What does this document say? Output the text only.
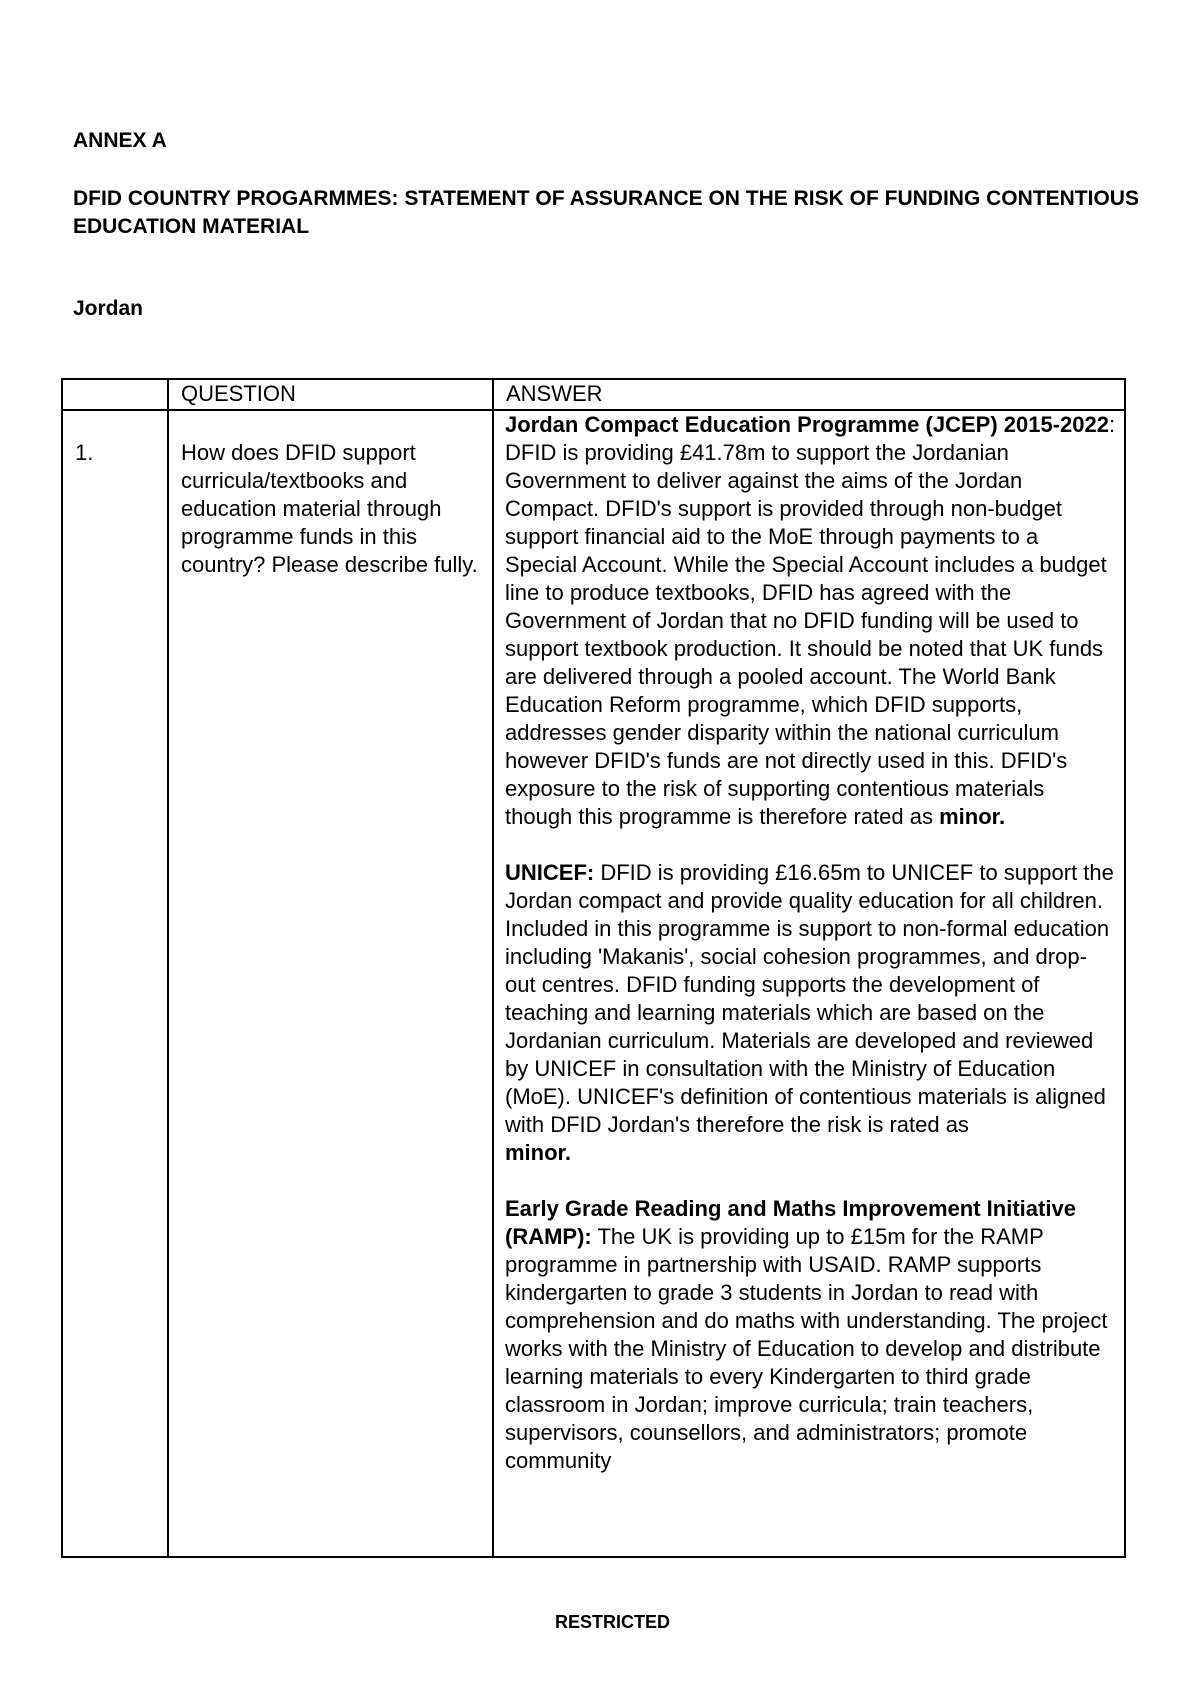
ANNEX A
DFID COUNTRY PROGARMMES: STATEMENT OF ASSURANCE ON THE RISK OF FUNDING CONTENTIOUS EDUCATION MATERIAL
Jordan
	QUESTION	ANSWER
1.	How does DFID support curricula/textbooks and education material through programme funds in this country? Please describe fully.	Jordan Compact Education Programme (JCEP) 2015-2022: DFID is providing £41.78m to support the Jordanian Government to deliver against the aims of the Jordan Compact. DFID's support is provided through non-budget support financial aid to the MoE through payments to a Special Account. While the Special Account includes a budget line to produce textbooks, DFID has agreed with the Government of Jordan that no DFID funding will be used to support textbook production. It should be noted that UK funds are delivered through a pooled account. The World Bank Education Reform programme, which DFID supports, addresses gender disparity within the national curriculum however DFID's funds are not directly used in this. DFID's exposure to the risk of supporting contentious materials though this programme is therefore rated as minor.

UNICEF: DFID is providing £16.65m to UNICEF to support the Jordan compact and provide quality education for all children. Included in this programme is support to non-formal education including 'Makanis', social cohesion programmes, and drop-out centres. DFID funding supports the development of teaching and learning materials which are based on the Jordanian curriculum. Materials are developed and reviewed by UNICEF in consultation with the Ministry of Education (MoE). UNICEF's definition of contentious materials is aligned with DFID Jordan's therefore the risk is rated as
minor.

Early Grade Reading and Maths Improvement Initiative (RAMP): The UK is providing up to £15m for the RAMP programme in partnership with USAID. RAMP supports kindergarten to grade 3 students in Jordan to read with comprehension and do maths with understanding. The project works with the Ministry of Education to develop and distribute learning materials to every Kindergarten to third grade classroom in Jordan; improve curricula; train teachers, supervisors, counsellors, and administrators; promote community

RESTRICTED
